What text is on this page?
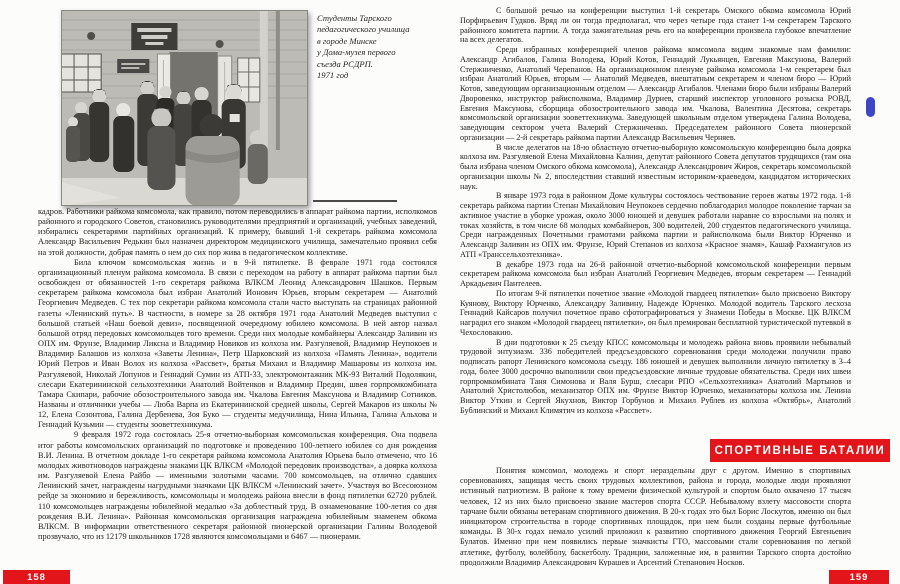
Студенты Тарского
педагогического училища
в городе Минске
у Дома-музея первого
съезда РСДРП.
1971 год

кадров. Работники райкома комсомола, как правило, потом переводились в аппарат райкома партии, исполкомов районного и городского Советов, становились руководителями предприятий и организаций, учебных заведений, избирались секретарями партийных организаций. К примеру, бывший 1-й секретарь райкома комсомола Александр Васильевич Редькин был назначен директором медицинского училища, замечательно проявил себя на этой должности, добрая память о нем до сих пор жива в педагогическом коллективе.

Била ключом комсомольская жизнь и в 9-й пятилетке. В феврале 1971 года состоялся организационный пленум райкома комсомола. В связи с переходом на работу в аппарат райкома партии был освобожден от обязанностей 1-го секретаря райкома ВЛКСМ Леонид Александрович Шашков. Первым секретарем райкома комсомола был избран Анатолий Ионович Юрьев, вторым секретарем — Анатолий Георгиевич Медведев. С тех пор секретари райкома комсомола стали часто выступать на страницах районной газеты «Ленинский путь». В частности, в номере за 28 октября 1971 года Анатолий Медведев выступил с большой статьей «Наш боевой девиз», посвященной очередному юбилею комсомола. В ней автор назвал большой отряд передовых комсомольцев того времени. Среди них молодые комбайнеры Александр Заливин из ОПХ им. Фрунзе, Владимир Ликсна и Владимир Новиков из колхоза им. Разгуляевой, Владимир Неупокоев и Владимир Балашов из колхоза «Заветы Ленина», Петр Шарковский из колхоза «Память Ленина», водители Юрий Петров и Иван Волох из колхоза «Рассвет», братья Михаил и Владимир Машаровы из колхоза им. Разгуляевой, Николай Лопунов и Геннадий Сумин из АТП-33, электромонтажник МК-93 Виталий Подолякин, слесари Екатерининской сельхозтехники Анатолий Войтенков и Владимир Предин, швея горпромкомбината Тамара Скипари, рабочие обозостроительного завода им. Чкалова Евгения Максунова и Владимир Сотников. Названы и отличники учебы — Люба Варпа из Екатерининской средней школы, Сергей Макаров из школы № 12, Елена Созонтова, Галина Дербенева, Зоя Буко — студенты медучилища, Нина Ильина, Галина Альхова и Геннадий Кузьмин — студенты зооветтехникума.

9 февраля 1972 года состоялась 25-я отчетно-выборная комсомольская конференция. Она подвела итог работы комсомольских организаций по подготовке и проведению 100-летнего юбилея со дня рождения В.И. Ленина. В отчетном докладе 1-го секретаря райкома комсомола Анатолия Юрьева было отмечено, что 16 молодых животноводов награждены знаками ЦК ВЛКСМ «Молодой передовик производства», а доярка колхоза им. Разгуляевой Елена Райбо — именными золотыми часами. 700 комсомольцев, на отлично сдавших Ленинский зачет, награждены нагрудными значками ЦК ВЛКСМ «Ленинский зачет». Участвуя во Всесоюзном рейде за экономию и бережливость, комсомольцы и молодежь района внесли в фонд пятилетки 62720 рублей. 110 комсомольцев награждены юбилейной медалью «За доблестный труд. В ознаменование 100-летия со дня рождения В.И. Ленина». Районная комсомольская организация награждена юбилейным знаменем обкома ВЛКСМ. В информации ответственного секретаря районной пионерской организации Галины Володевой прозвучало, что из 12179 школьников 1728 являются комсомольцами и 6467 — пионерами.

158

С большой речью на конференции выступил 1-й секретарь Омского обкома комсомола Юрий Порфирьевич Гудков. Вряд ли он тогда предполагал, что через четыре года станет 1-м секретарем Тарского районного комитета партии. А тогда зажигательная речь его на конференции произвела глубокое впечатление на всех делегатов.

Среди избранных конференцией членов райкома комсомола видим знакомые нам фамилии: Александр Агибалов, Галина Володева, Юрий Котов, Геннадий Лукьянцев, Евгения Максунова, Валерий Стержниченко, Анатолий Черепанов. На организационном пленуме райкома комсомола 1-м секретарем был избран Анатолий Юрьев, вторым — Анатолий Медведев, внештатным секретарем и членом бюро — Юрий Котов, заведующим организационным отделом — Александр Агибалов. Членами бюро были избраны Валерий Дворовенко, инструктор райисполкома, Владимир Дурнев, старший инспектор уголовного розыска РОВД, Евгения Максунова, сборщица обозостроительного завода им. Чкалова, Валентина Десятова, секретарь комсомольской организации зооветтехникума. Заведующей школьным отделом утверждена Галина Володева, заведующим сектором учета Валерий Стержниченко. Председателем районного Совета пионерской организации — 2-й секретарь райкома партии Александр Васильевич Черняев.

В числе делегатов на 18-ю областную отчетно-выборную комсомольскую конференцию была доярка колхоза им. Разгуляевой Елена Михайловна Калнин, депутат районного Совета депутатов трудящихся (там она была избрана членом Омского обкома комсомола), Александр Александрович Жиров, секретарь комсомольской организации школы № 2, впоследствии ставший известным историком-краеведом, кандидатом исторических наук.

В январе 1973 года в районном Доме культуры состоялось чествование героев жатвы 1972 года. 1-й секретарь райкома партии Степан Михайлович Неупокоев сердечно поблагодарил молодое поколение тарчан за активное участие в уборке урожая, около 3000 юношей и девушек работали наравне со взрослыми на полях и токах хозяйств, в том числе 68 молодых комбайнеров, 300 водителей, 200 студентов педагогического училища. Среди награжденных Почетными грамотами райкома партии и райисполкома были Виктор Юрченко и Александр Заливин из ОПХ им. Фрунзе, Юрий Степанов из колхоза «Красное знамя», Кашаф Рахмангулов из АТП «Транссельхозтехника».

В декабре 1973 года на 26-й районной отчетно-выборной комсомольской конференции первым секретарем райкома комсомола был избран Анатолий Георгиевич Медведев, вторым секретарем — Геннадий Аркадьевич Пантелеев.

По итогам 9-й пятилетки почетное звание «Молодой гвардеец пятилетки» было присвоено Виктору Куянову, Виктору Юрченко, Александру Заливину, Надежде Юрченко. Молодой водитель Тарского лесхоза Геннадий Кайсаров получил почетное право сфотографироваться у Знамени Победы в Москве. ЦК ВЛКСМ наградил его знаком «Молодой гвардеец пятилетки», он был премирован бесплатной туристической путевкой в Чехословакию.

В дни подготовки к 25 съезду КПСС комсомольцы и молодежь района вновь проявили небывалый трудовой энтузиазм. 336 победителей предсъездовского соревнования среди молодежи получили право подписать рапорт Ленинского комсомола съезду. 186 юношей и девушек выполнили личную пятилетку в 3–4 года, более 3000 досрочно выполнили свои предсъездовские личные трудовые обязательства. Среди них швеи горпромкомбината Таня Симонова и Валя Бурш, слесари РПО «Сельхозтехника» Анатолий Мартынов и Анатолий Христолюбов, механизатор ОПХ им. Фрунзе Виктор Юрченко, механизаторы колхоза им. Ленина Виктор Уткин и Сергей Якухнов, Виктор Горбунов и Михаил Рублев из колхоза «Октябрь», Анатолий Бублинский и Михаил Климятич из колхоза «Рассвет».

СПОРТИВНЫЕ БАТАЛИИ

Понятия комсомол, молодежь и спорт нераздельны друг с другом. Именно в спортивных соревнованиях, защищая честь своих трудовых коллективов, района и города, молодые люди проявляют истинный патриотизм. В районе к тому времени физической культурой и спортом было охвачено 17 тысяч человек, 12 из них было присвоено звание мастеров спорта СССР. Небывалому взлету массовости спорта тарчане были обязаны ветеранам спортивного движения. В 20-х годах это был Борис Лоскутов, именно он был инициатором строительства в городе спортивных площадок, при нем были созданы первые футбольные команды. В 30-х годах немало усилий приложил к развитию спортивного движения Георгий Евгеньевич Булатов. Именно при нем появились первые значкисты ГТО, массовыми стали соревнования по легкой атлетике, футболу, волейболу, баскетболу. Традиции, заложенные им, в развитии Тарского спорта достойно продолжили Владимир Александрович Курашев и Арсентий Степанович Носков.

159
